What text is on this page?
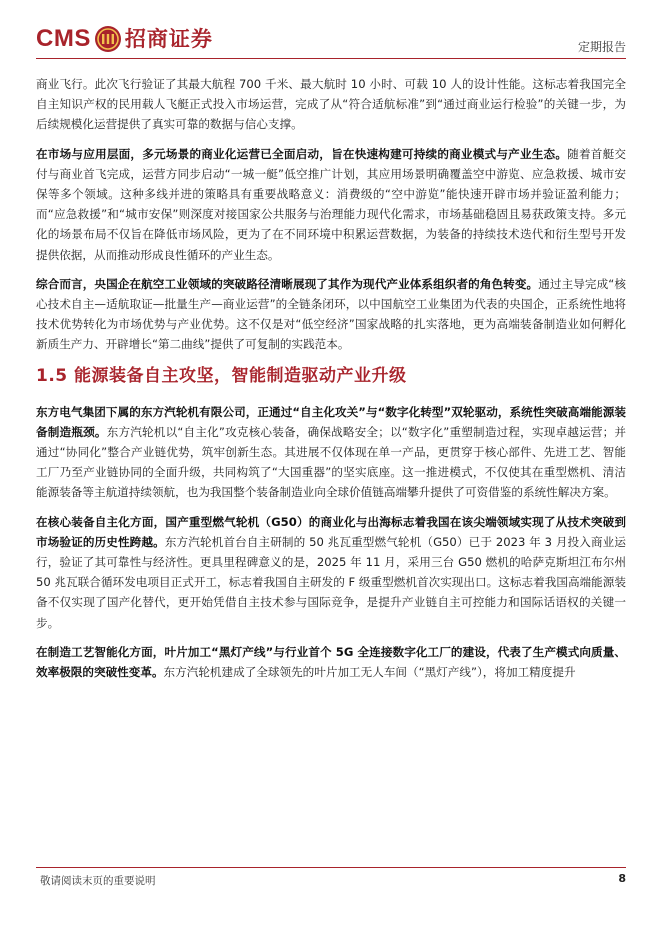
CMS 招商证券	定期报告

商业飞行。此次飞行验证了其最大航程 700 千米、最大航时 10 小时、可载 10 人的设计性能。这标志着我国完全自主知识产权的民用载人飞艇正式投入市场运营，完成了从“符合适航标准”到“通过商业运行检验”的关键一步，为后续规模化运营提供了真实可靠的数据与信心支撑。

在市场与应用层面，多元场景的商业化运营已全面启动，旨在快速构建可持续的商业模式与产业生态。随着首艇交付与商业首飞完成，运营方同步启动“一城一艇”低空推广计划，其应用场景明确覆盖空中游览、应急救援、城市安保等多个领域。这种多线并进的策略具有重要战略意义：消费级的“空中游览”能快速开辟市场并验证盈利能力；而“应急救援”和“城市安保”则深度对接国家公共服务与治理能力现代化需求，市场基础稳固且易获政策支持。多元化的场景布局不仅旨在降低市场风险，更为了在不同环境中积累运营数据，为装备的持续技术迭代和衍生型号开发提供依据，从而推动形成良性循环的产业生态。

综合而言，央国企在航空工业领域的突破路径清晰展现了其作为现代产业体系组织者的角色转变。通过主导完成“核心技术自主—适航取证—批量生产—商业运营”的全链条闭环，以中国航空工业集团为代表的央国企，正系统性地将技术优势转化为市场优势与产业优势。这不仅是对“低空经济”国家战略的扎实落地，更为高端装备制造业如何孵化新质生产力、开辟增长“第二曲线”提供了可复制的实践范本。

1.5 能源装备自主攻坚，智能制造驱动产业升级

东方电气集团下属的东方汽轮机有限公司，正通过“自主化攻关”与“数字化转型”双轮驱动，系统性突破高端能源装备制造瓶颈。东方汽轮机以“自主化”攻克核心装备，确保战略安全；以“数字化”重塑制造过程，实现卓越运营；并通过“协同化”整合产业链优势，筑牢创新生态。其进展不仅体现在单一产品，更贯穿于核心部件、先进工艺、智能工厂乃至产业链协同的全面升级，共同构筑了“大国重器”的坚实底座。这一推进模式，不仅使其在重型燃机、清洁能源装备等主航道持续领航，也为我国整个装备制造业向全球价值链高端攀升提供了可资借鉴的系统性解决方案。

在核心装备自主化方面，国产重型燃气轮机（G50）的商业化与出海标志着我国在该尖端领域实现了从技术突破到市场验证的历史性跨越。东方汽轮机首台自主研制的 50 兆瓦重型燃气轮机（G50）已于 2023 年 3 月投入商业运行，验证了其可靠性与经济性。更具里程碑意义的是，2025 年 11 月，采用三台 G50 燃机的哈萨克斯坦江布尔州 50 兆瓦联合循环发电项目正式开工，标志着我国自主研发的 F 级重型燃机首次实现出口。这标志着我国高端能源装备不仅实现了国产化替代，更开始凭借自主技术参与国际竞争，是提升产业链自主可控能力和国际话语权的关键一步。

在制造工艺智能化方面，叶片加工“黑灯产线”与行业首个 5G 全连接数字化工厂的建设，代表了生产模式向质量、效率极限的突破性变革。东方汽轮机建成了全球领先的叶片加工无人车间（“黑灯产线”），将加工精度提升

敬请阅读末页的重要说明	8
